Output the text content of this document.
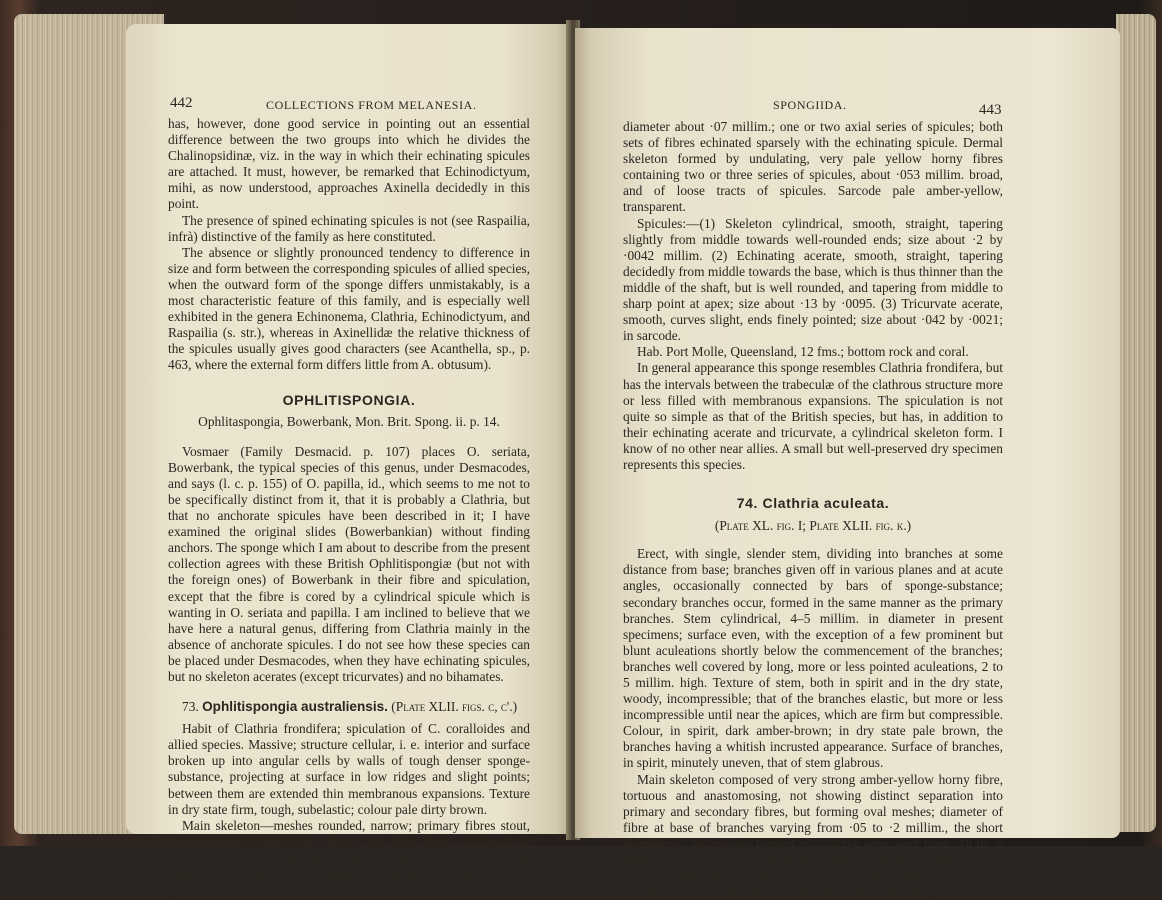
442	COLLECTIONS FROM MELANESIA.

has, however, done good service in pointing out an essential difference between the two groups into which he divides the Chalinopsidinæ, viz. in the way in which their echinating spicules are attached. It must, however, be remarked that Echinodictyum, mihi, as now understood, approaches Axinella decidedly in this point.

The presence of spined echinating spicules is not (see Raspailia, infrà) distinctive of the family as here constituted.

The absence or slightly pronounced tendency to difference in size and form between the corresponding spicules of allied species, when the outward form of the sponge differs unmistakably, is a most characteristic feature of this family, and is especially well exhibited in the genera Echinonema, Clathria, Echinodictyum, and Raspailia (s. str.), whereas in Axinellidæ the relative thickness of the spicules usually gives good characters (see Acanthella, sp., p. 463, where the external form differs little from A. obtusum).

OPHLITISPONGIA.
Ophlitaspongia, Bowerbank, Mon. Brit. Spong. ii. p. 14.

Vosmaer (Family Desmacid. p. 107) places O. seriata, Bowerbank, the typical species of this genus, under Desmacodes, and says (l. c. p. 155) of O. papilla, id., which seems to me not to be specifically distinct from it, that it is probably a Clathria, but that no anchorate spicules have been described in it; I have examined the original slides (Bowerbankian) without finding anchors. The sponge which I am about to describe from the present collection agrees with these British Ophlitispongiæ (but not with the foreign ones) of Bowerbank in their fibre and spiculation, except that the fibre is cored by a cylindrical spicule which is wanting in O. seriata and papilla. I am inclined to believe that we have here a natural genus, differing from Clathria mainly in the absence of anchorate spicules. I do not see how these species can be placed under Desmacodes, when they have echinating spicules, but no skeleton acerates (except tricurvates) and no bihamates.

73. Ophlitispongia australiensis. (Plate XLII. figs. c, c'.)

Habit of Clathria frondifera; spiculation of C. coralloides and allied species. Massive; structure cellular, i. e. interior and surface broken up into angular cells by walls of tough denser sponge-substance, projecting at surface in low ridges and slight points; between them are extended thin membranous expansions. Texture in dry state firm, tough, subelastic; colour pale dirty brown.

Main skeleton—meshes rounded, narrow; primary fibres stout, amber-yellow, cored with about one third their thickness of spicules, proceeding straight to surface, diameter about ·1 to ·14 millim.; secondary fibres abundant, irregular in direction, amber-yellow,

SPONGIIDA.	443

diameter about ·07 millim.; one or two axial series of spicules; both sets of fibres echinated sparsely with the echinating spicule. Dermal skeleton formed by undulating, very pale yellow horny fibres containing two or three series of spicules, about ·053 millim. broad, and of loose tracts of spicules. Sarcode pale amber-yellow, transparent.

Spicules:—(1) Skeleton cylindrical, smooth, straight, tapering slightly from middle towards well-rounded ends; size about ·2 by ·0042 millim. (2) Echinating acerate, smooth, straight, tapering decidedly from middle towards the base, which is thus thinner than the middle of the shaft, but is well rounded, and tapering from middle to sharp point at apex; size about ·13 by ·0095. (3) Tricurvate acerate, smooth, curves slight, ends finely pointed; size about ·042 by ·0021; in sarcode.

Hab. Port Molle, Queensland, 12 fms.; bottom rock and coral.

In general appearance this sponge resembles Clathria frondifera, but has the intervals between the trabeculæ of the clathrous structure more or less filled with membranous expansions. The spiculation is not quite so simple as that of the British species, but has, in addition to their echinating acerate and tricurvate, a cylindrical skeleton form. I know of no other near allies. A small but well-preserved dry specimen represents this species.

74. Clathria aculeata.
(Plate XL. fig. I; Plate XLII. fig. k.)

Erect, with single, slender stem, dividing into branches at some distance from base; branches given off in various planes and at acute angles, occasionally connected by bars of sponge-substance; secondary branches occur, formed in the same manner as the primary branches. Stem cylindrical, 4–5 millim. in diameter in present specimens; surface even, with the exception of a few prominent but blunt aculeations shortly below the commencement of the branches; branches well covered by long, more or less pointed aculeations, 2 to 5 millim. high. Texture of stem, both in spirit and in the dry state, woody, incompressible; that of the branches elastic, but more or less incompressible until near the apices, which are firm but compressible. Colour, in spirit, dark amber-brown; in dry state pale brown, the branches having a whitish incrusted appearance. Surface of branches, in spirit, minutely uneven, that of stem glabrous.

Main skeleton composed of very strong amber-yellow horny fibre, tortuous and anastomosing, not showing distinct separation into primary and secondary fibres, but forming oval meshes; diameter of fibre at base of branches varying from ·05 to ·2 millim., the short diameter of the meshes formed by it at the same spot from ·18 to ·8 millim.; fibre cored by a tract of slender spinulate spicules, 3 or 4 spicules broad, and echinated everywhere abundantly by the spined acerate spicule. Dermal skeleton similar to main skeleton,
